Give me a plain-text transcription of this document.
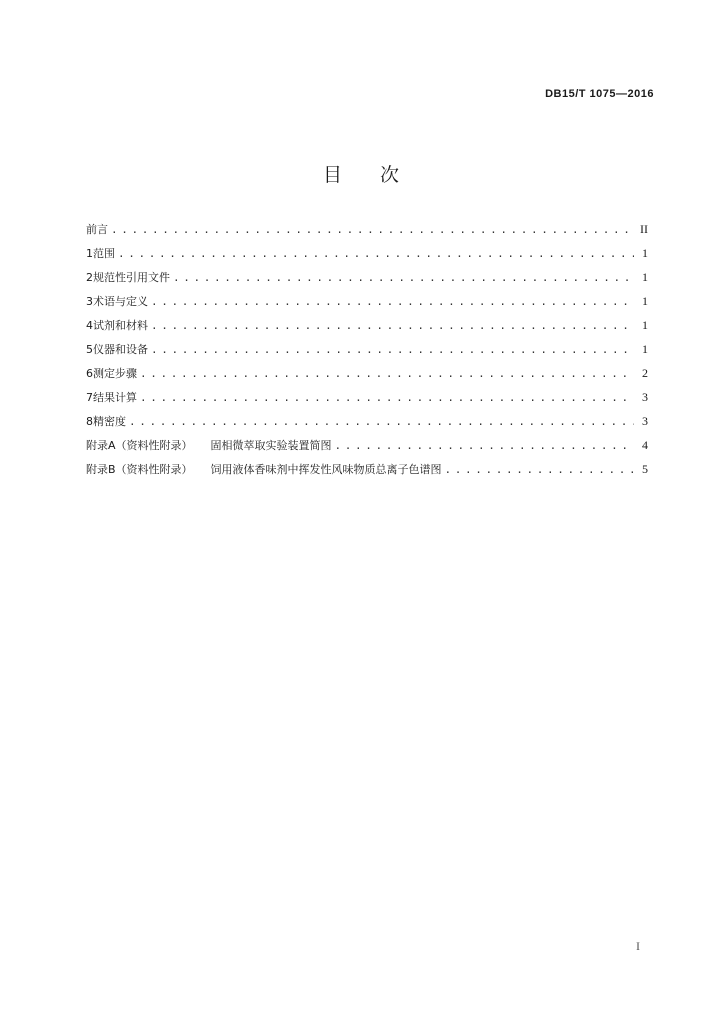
DB15/T 1075—2016
目 次
前言 . . .	II
1 范围 . . .	1
2 规范性引用文件 . . .	1
3 术语与定义 . . .	1
4 试剂和材料 . . .	1
5 仪器和设备 . . .	1
6 测定步骤 . . .	2
7 结果计算 . . .	3
8 精密度 . . .	3
附录A（资料性附录） 固相微萃取实验装置简图 . . .	4
附录B（资料性附录） 饲用液体香味剂中挥发性风味物质总离子色谱图 . . .	5
I
